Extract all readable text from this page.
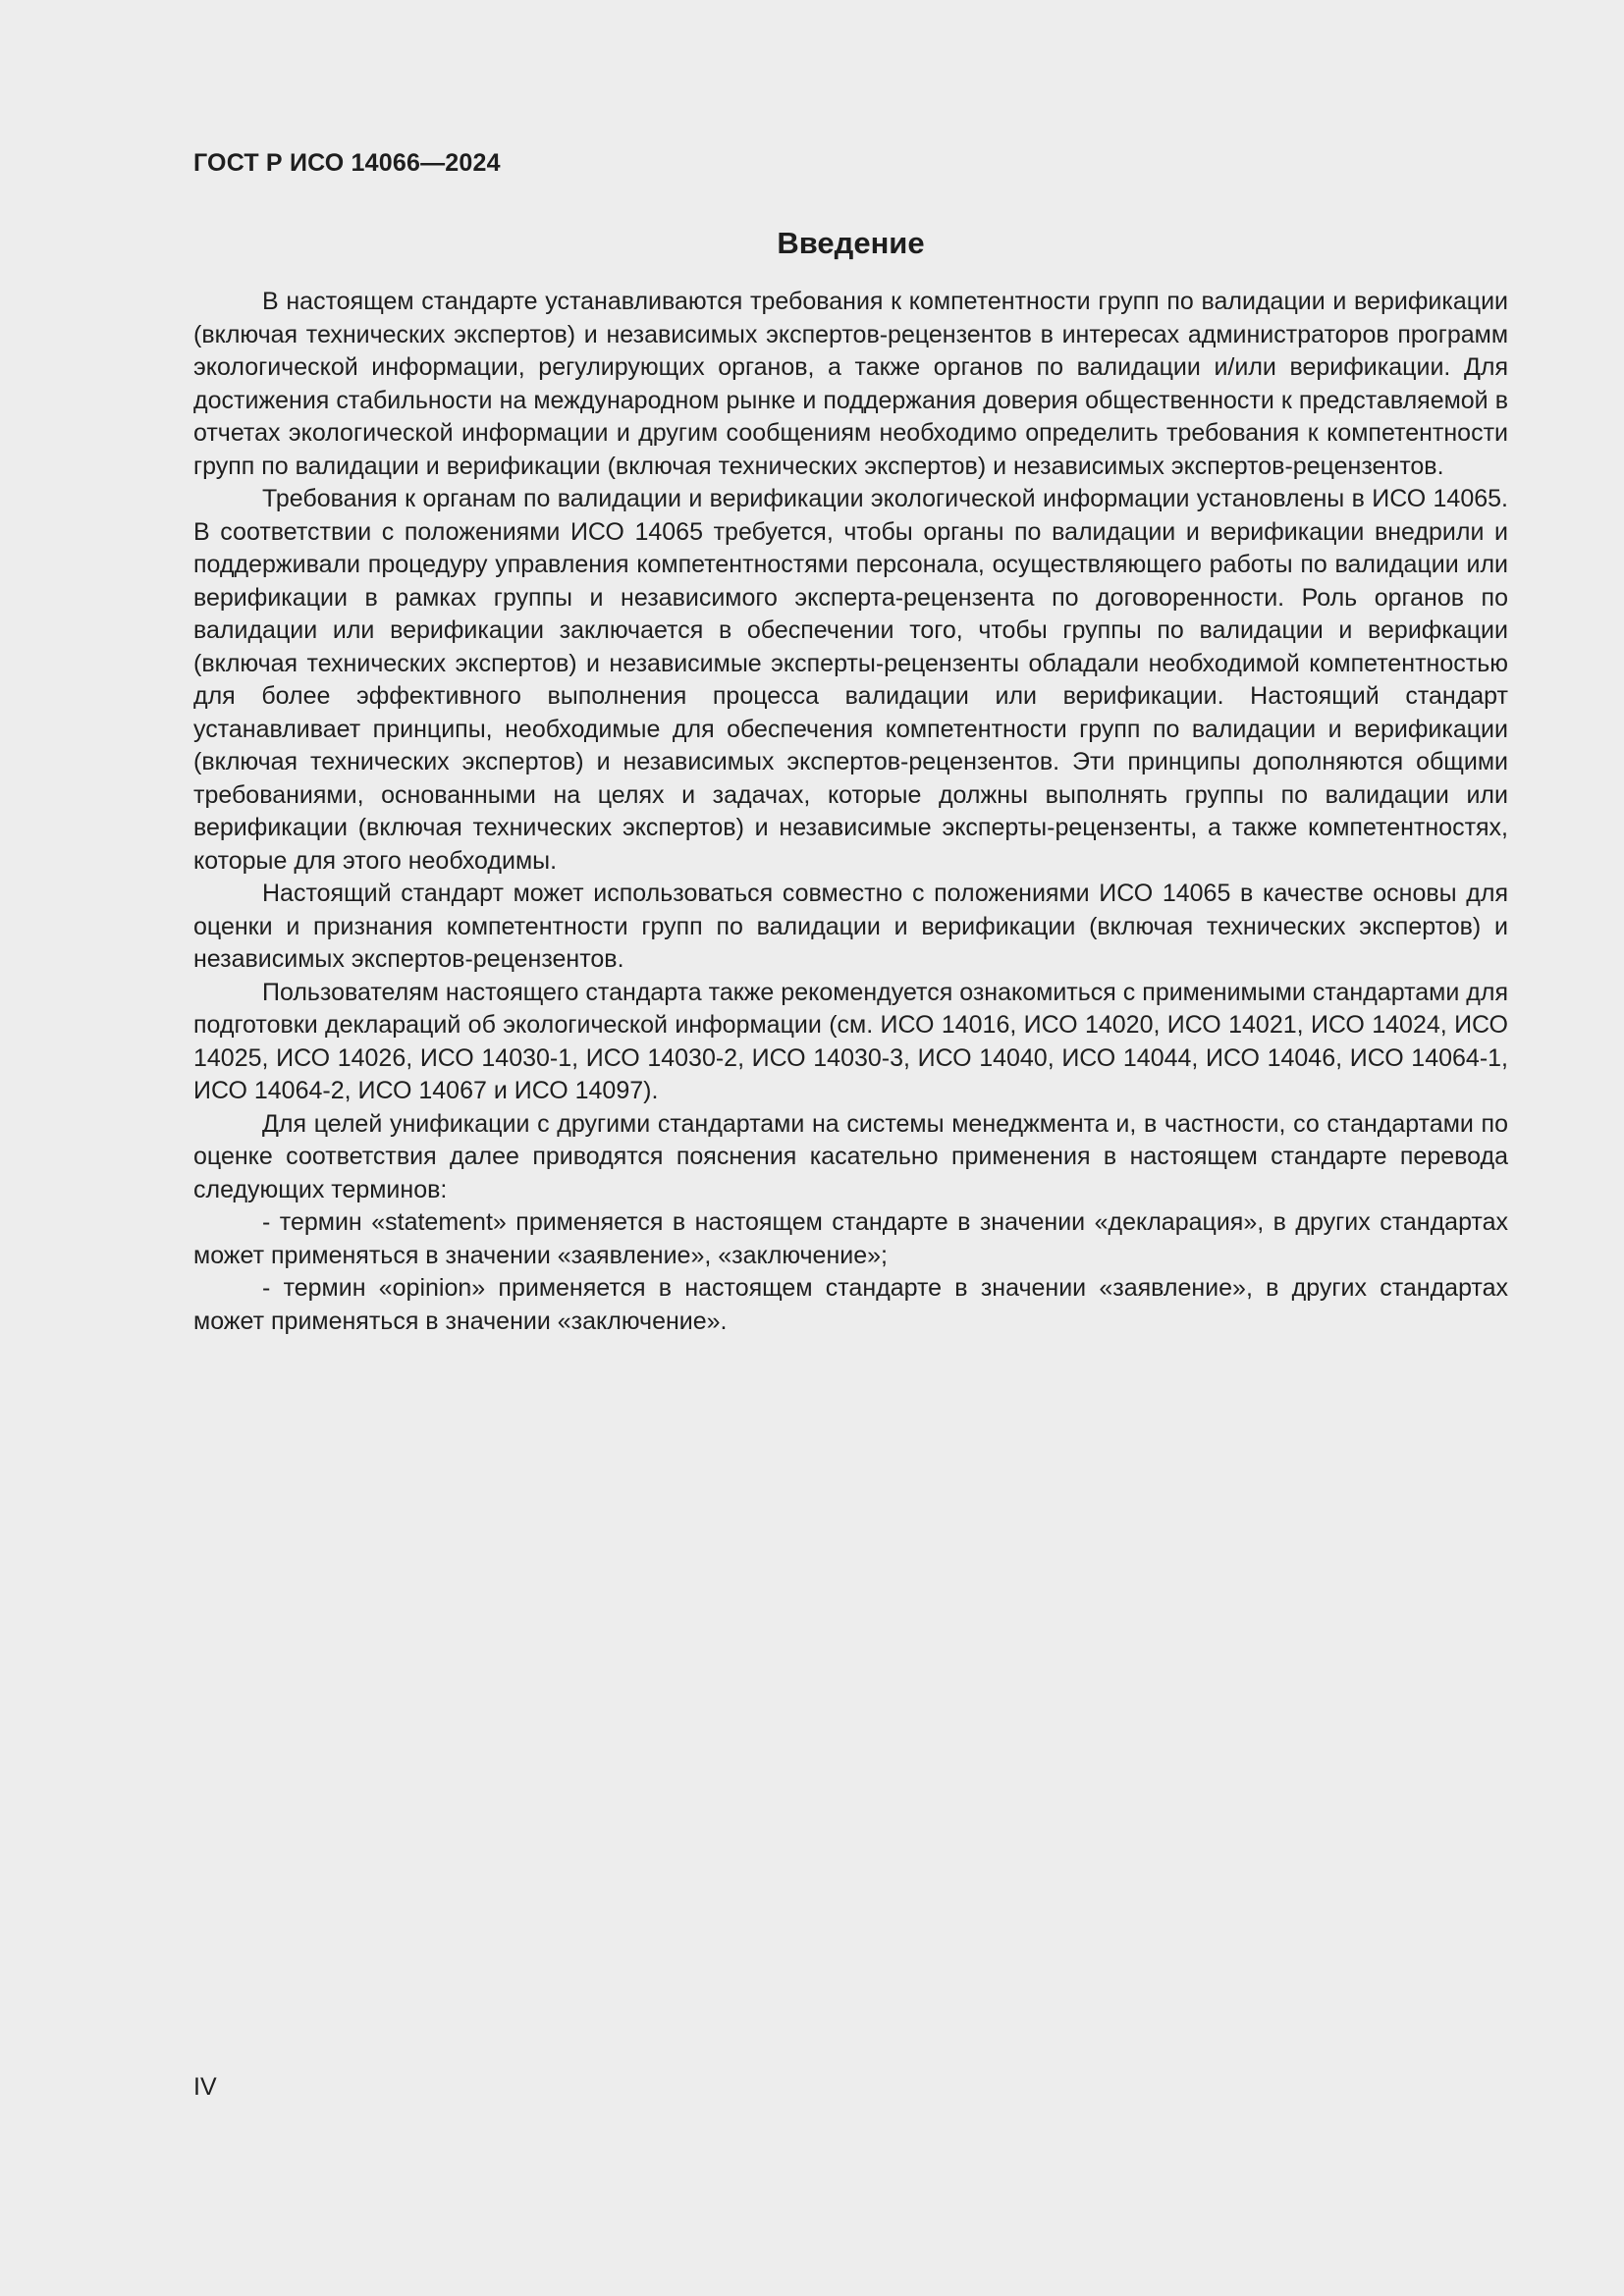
ГОСТ Р ИСО 14066—2024
Введение

В настоящем стандарте устанавливаются требования к компетентности групп по валидации и верификации (включая технических экспертов) и независимых экспертов-рецензентов в интересах администраторов программ экологической информации, регулирующих органов, а также органов по валидации и/или верификации. Для достижения стабильности на международном рынке и поддержания доверия общественности к представляемой в отчетах экологической информации и другим сообщениям необходимо определить требования к компетентности групп по валидации и верификации (включая технических экспертов) и независимых экспертов-рецензентов.

Требования к органам по валидации и верификации экологической информации установлены в ИСО 14065. В соответствии с положениями ИСО 14065 требуется, чтобы органы по валидации и верификации внедрили и поддерживали процедуру управления компетентностями персонала, осуществляющего работы по валидации или верификации в рамках группы и независимого эксперта-рецензента по договоренности. Роль органов по валидации или верификации заключается в обеспечении того, чтобы группы по валидации и верифкации (включая технических экспертов) и независимые эксперты-рецензенты обладали необходимой компетентностью для более эффективного выполнения процесса валидации или верификации. Настоящий стандарт устанавливает принципы, необходимые для обеспечения компетентности групп по валидации и верификации (включая технических экспертов) и независимых экспертов-рецензентов. Эти принципы дополняются общими требованиями, основанными на целях и задачах, которые должны выполнять группы по валидации или верификации (включая технических экспертов) и независимые эксперты-рецензенты, а также компетентностях, которые для этого необходимы.

Настоящий стандарт может использоваться совместно с положениями ИСО 14065 в качестве основы для оценки и признания компетентности групп по валидации и верификации (включая технических экспертов) и независимых экспертов-рецензентов.

Пользователям настоящего стандарта также рекомендуется ознакомиться с применимыми стандартами для подготовки деклараций об экологической информации (см. ИСО 14016, ИСО 14020, ИСО 14021, ИСО 14024, ИСО 14025, ИСО 14026, ИСО 14030-1, ИСО 14030-2, ИСО 14030-3, ИСО 14040, ИСО 14044, ИСО 14046, ИСО 14064-1, ИСО 14064-2, ИСО 14067 и ИСО 14097).

Для целей унификации с другими стандартами на системы менеджмента и, в частности, со стандартами по оценке соответствия далее приводятся пояснения касательно применения в настоящем стандарте перевода следующих терминов:

- термин «statement» применяется в настоящем стандарте в значении «декларация», в других стандартах может применяться в значении «заявление», «заключение»;

- термин «opinion» применяется в настоящем стандарте в значении «заявление», в других стандартах может применяться в значении «заключение».

IV
